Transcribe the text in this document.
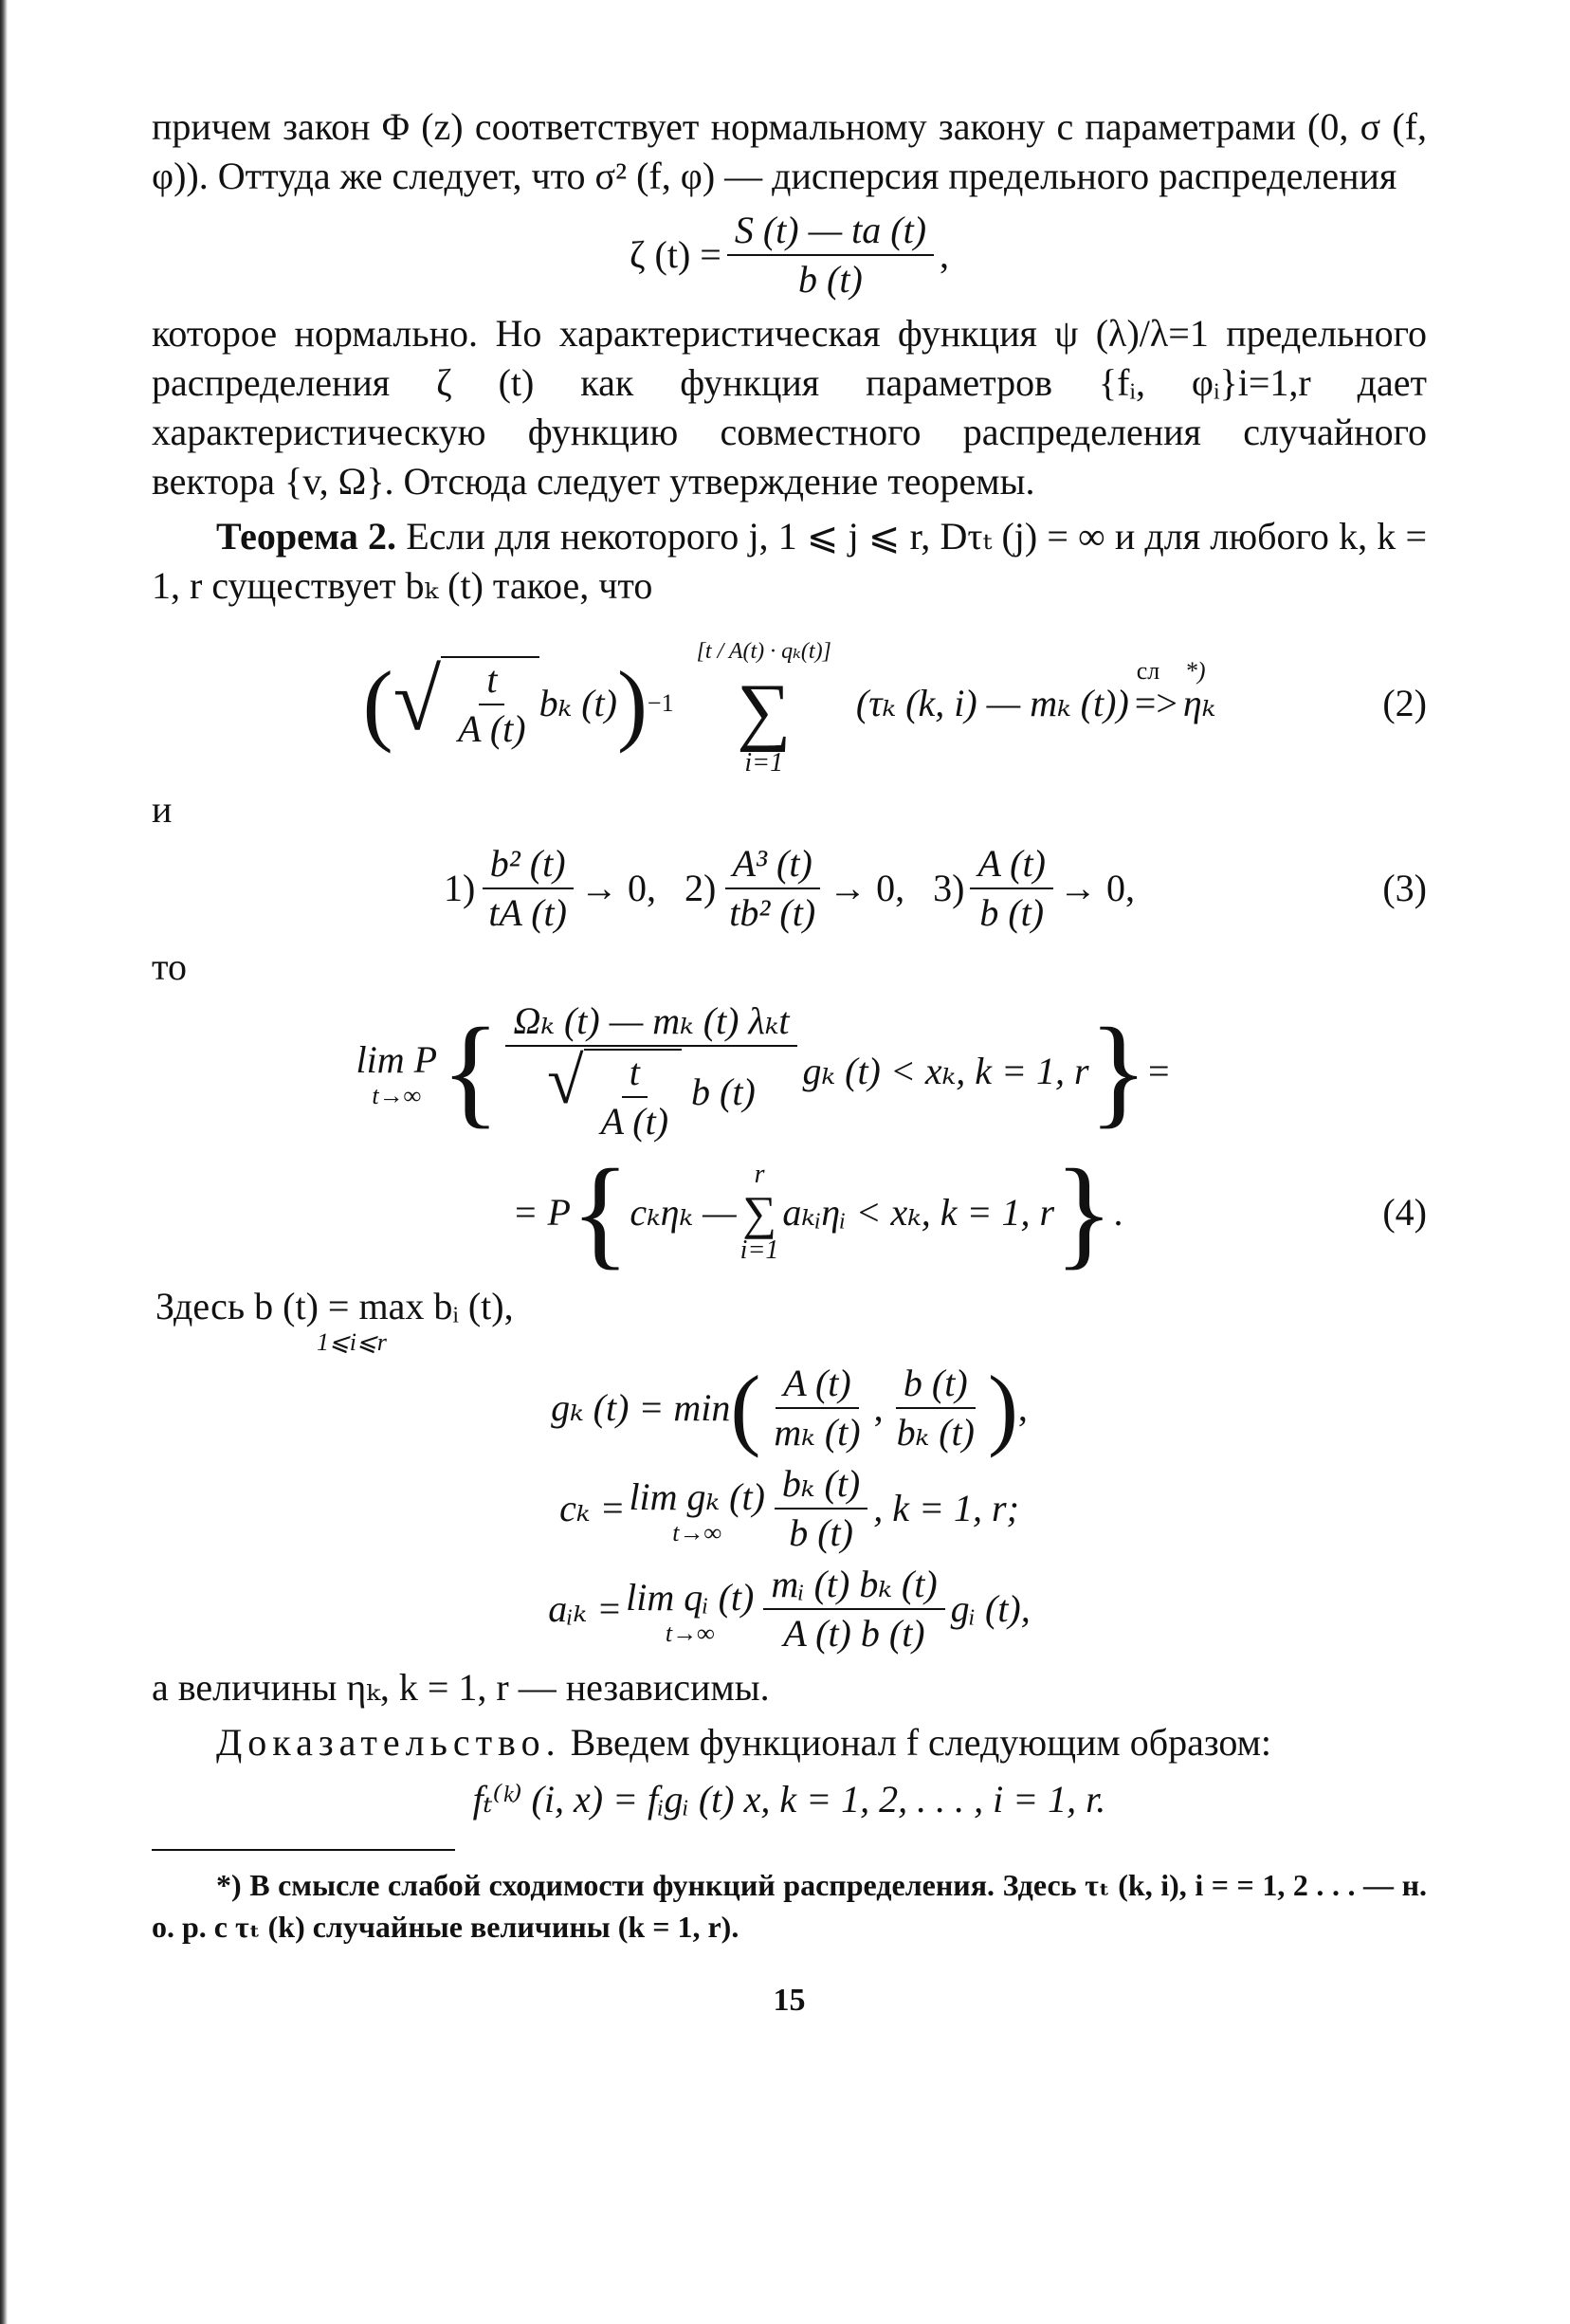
причем закон Φ (z) соответствует нормальному закону с параметрами (0, σ (f, φ)). Оттуда же следует, что σ² (f, φ) — дисперсия предельного распределения

ζ $(t) = \frac{S (t) — ta (t)}{b (t)}$ ,

которое нормально. Но характеристическая функция ψ (λ)/λ=1 предельного распределения ζ (t) как функция параметров {fᵢ, φᵢ}i=1,r дает характеристическую функцию совместного распределения случайного вектора {v, Ω}. Отсюда следует утверждение теоремы.

Теорема 2. Если для некоторого j, 1 ⩽ j ⩽ r, Dτₜ (j) = ∞ и для любого k, k = 1, r существует bₖ (t) такое, что

( √ $\frac{t}{A (t)}$ bₖ (t) ) −1
[t / A(t) · qₖ(t)]
∑
i=1
(τₖ (k, i) — mₖ (t))
сл
=>
*)
ηₖ	(2)

и

$1) \frac{\text{b² (t)}}{tA (t)} \to 0$, $2) \frac{\text{A³ (t)}}{\text{tb² (t)}} \to 0$, $3) \frac{A (t)}{b (t)} \to 0$,	(3)

то

lim P
t→∞ { Ωₖ (t) — mₖ (t) λₖt
√ $\frac{t}{A (t)}$ b (t) gₖ (t) < xₖ, k = 1, r } =
= P { cₖηₖ —
r
∑
i=1
aₖᵢηᵢ < xₖ, k = 1, r } .	(4)

Здесь b (t) = max bᵢ (t),
1⩽i⩽r

gₖ (t) = min ( $\frac{A (t)}{\text{mₖ (t)}}$ , $\frac{b (t)}{\text{bₖ (t)}}$ ) ,
cₖ = lim gₖ (t)
$t\to\infty \frac{\text{bₖ (t)}}{b (t)}$ , k = 1, r;
aᵢₖ = lim qᵢ (t)
$t\to\infty \frac{\text{mᵢ (t) bₖ (t)}}{A (t) b (t)}$ gᵢ (t),

а величины ηₖ, k = 1, r — независимы.

Доказательство. Введем функционал f следующим образом:

fₜ⁽ᵏ⁾ (i, x) = fᵢgᵢ (t) x, k = 1, 2, . . . , i = 1, r.

*) В смысле слабой сходимости функций распределения. Здесь τₜ (k, i), i = = 1, 2 . . . — н. о. р. с τₜ (k) случайные величины (k = 1, r).

15
